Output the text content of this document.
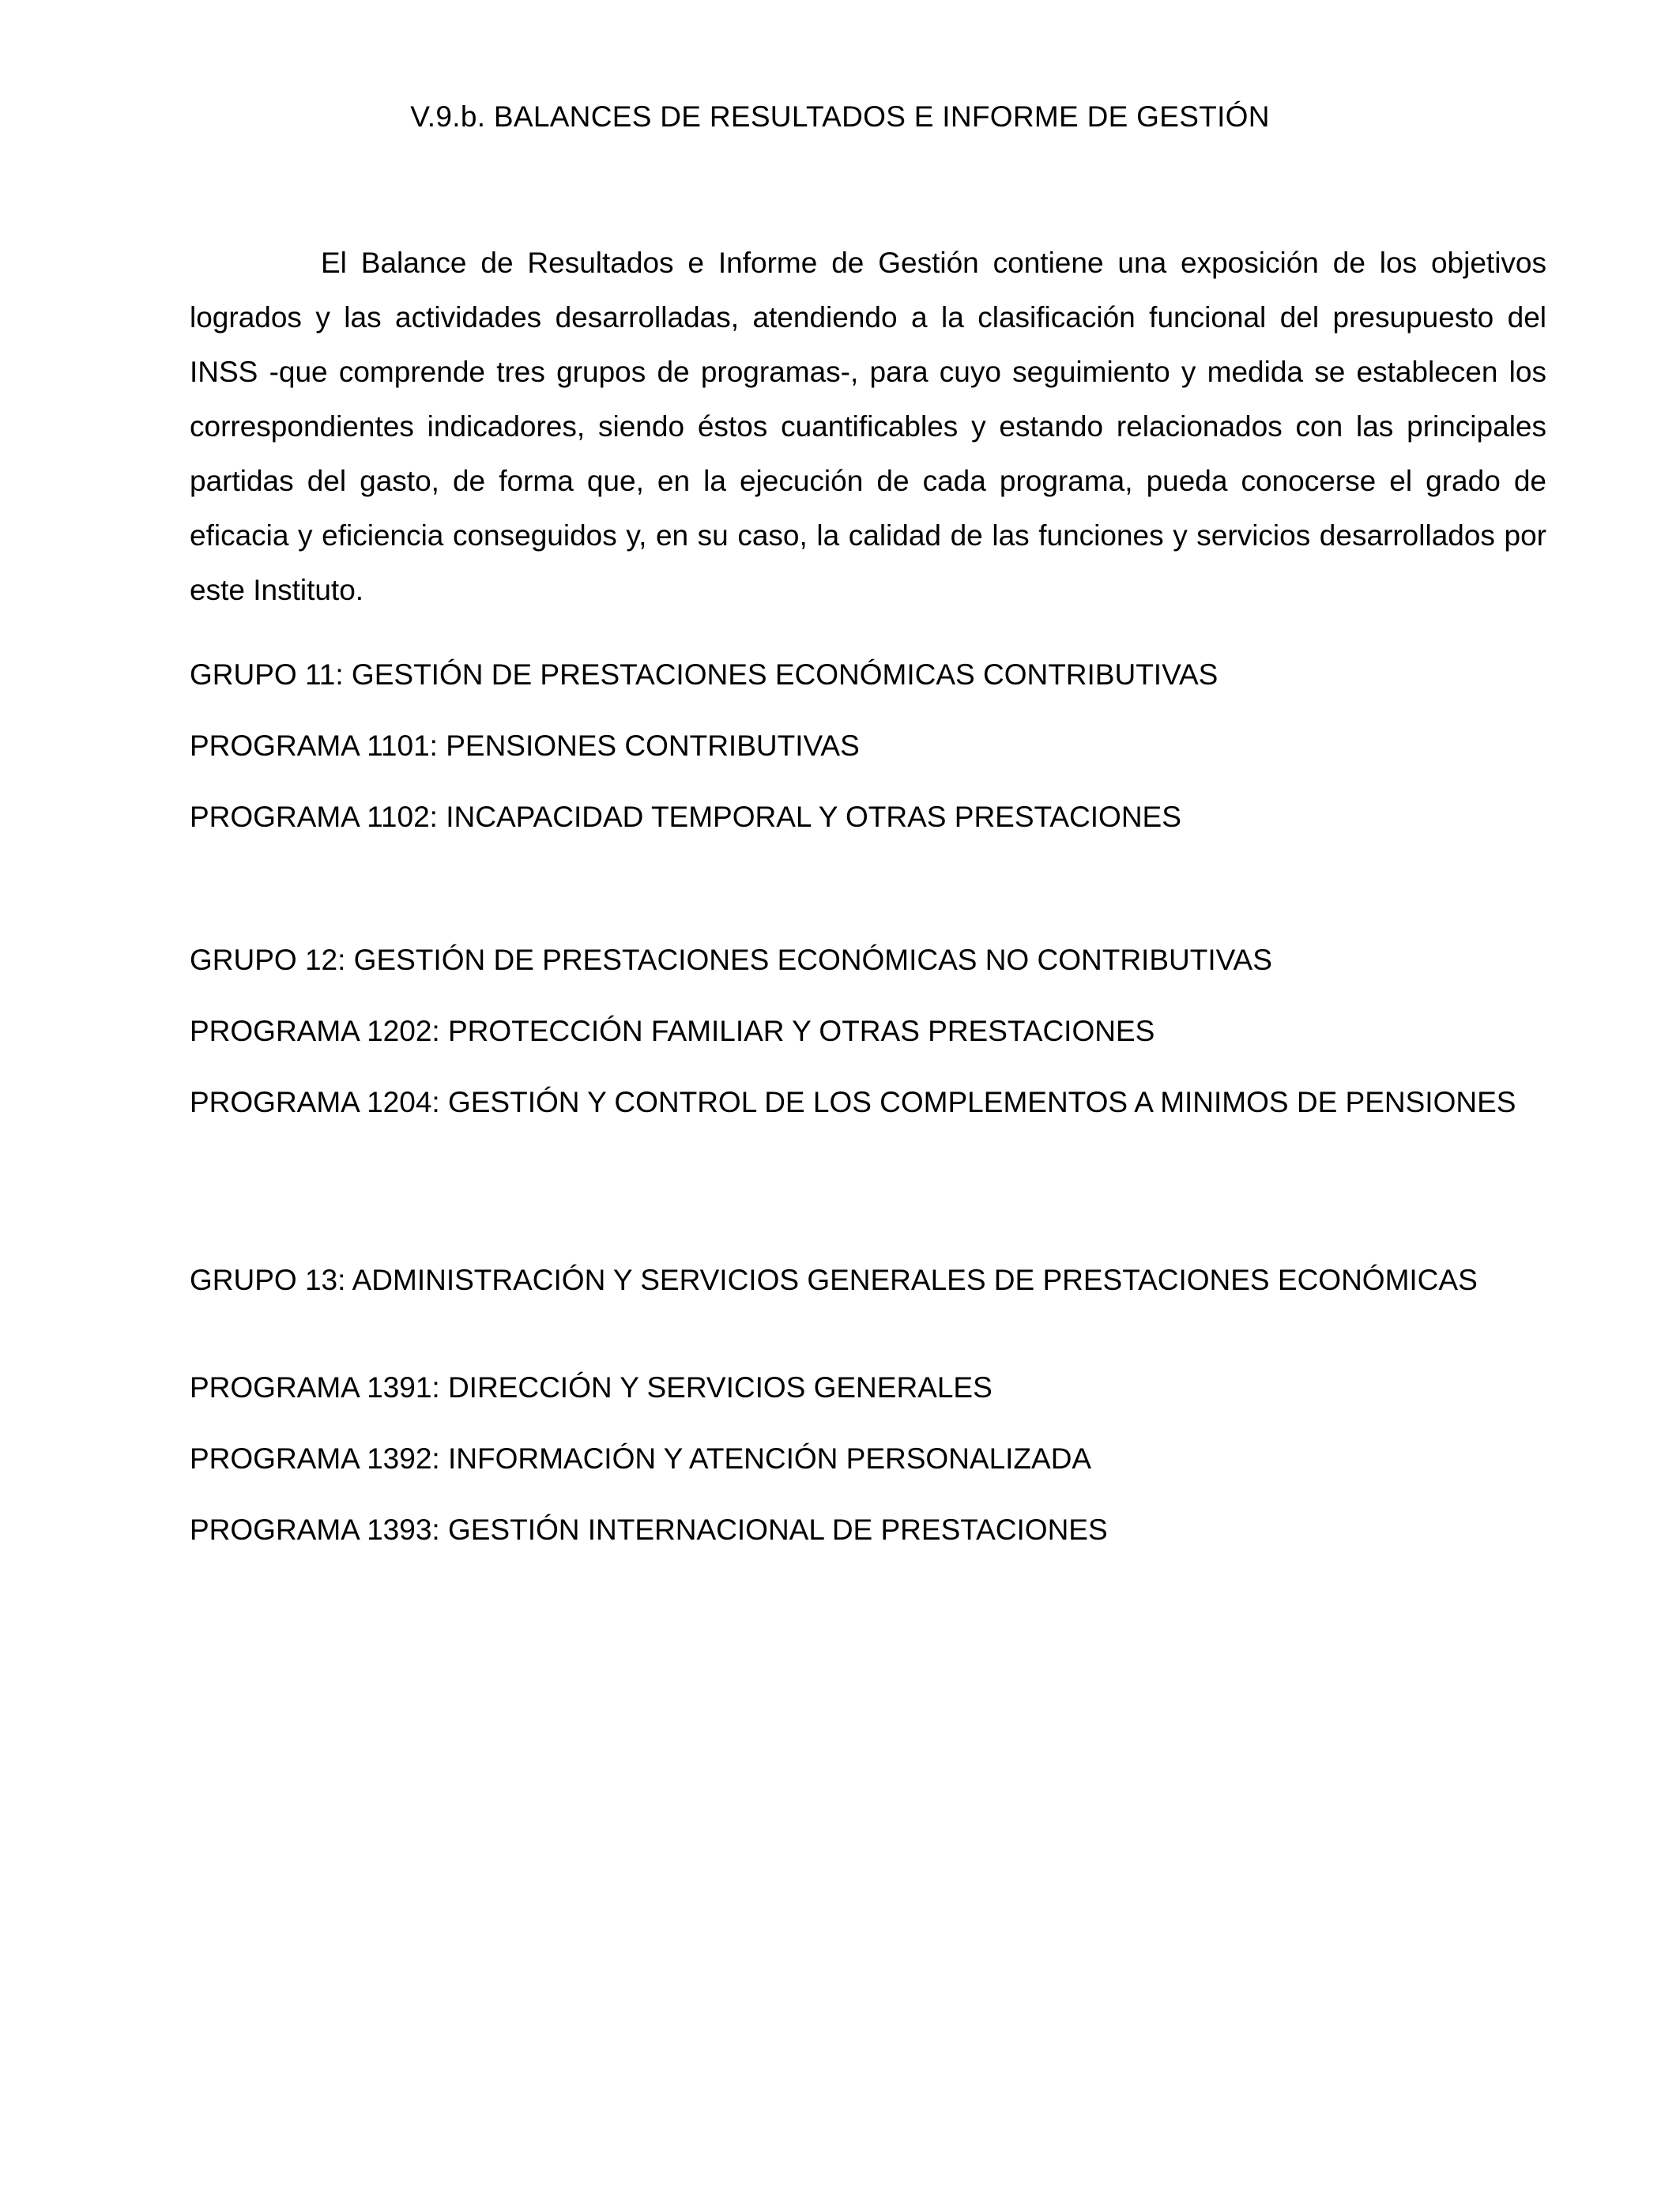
V.9.b. BALANCES DE RESULTADOS E INFORME DE GESTIÓN

El Balance de Resultados e Informe de Gestión contiene una exposición de los objetivos logrados y las actividades desarrolladas, atendiendo a la clasificación funcional del presupuesto del INSS -que comprende tres grupos de programas-, para cuyo seguimiento y medida se establecen los correspondientes indicadores, siendo éstos cuantificables y estando relacionados con las principales partidas del gasto, de forma que, en la ejecución de cada programa, pueda conocerse el grado de eficacia y eficiencia conseguidos y, en su caso, la calidad de las funciones y servicios desarrollados por este Instituto.

GRUPO 11: GESTIÓN DE PRESTACIONES ECONÓMICAS CONTRIBUTIVAS

PROGRAMA 1101: PENSIONES CONTRIBUTIVAS

PROGRAMA 1102: INCAPACIDAD TEMPORAL Y OTRAS PRESTACIONES

GRUPO 12: GESTIÓN DE PRESTACIONES ECONÓMICAS NO CONTRIBUTIVAS

PROGRAMA 1202: PROTECCIÓN FAMILIAR Y OTRAS PRESTACIONES

PROGRAMA 1204: GESTIÓN Y CONTROL DE LOS COMPLEMENTOS A MINIMOS DE PENSIONES

GRUPO 13: ADMINISTRACIÓN Y SERVICIOS GENERALES DE PRESTACIONES ECONÓMICAS

PROGRAMA 1391: DIRECCIÓN Y SERVICIOS GENERALES

PROGRAMA 1392: INFORMACIÓN Y ATENCIÓN PERSONALIZADA

PROGRAMA 1393: GESTIÓN INTERNACIONAL DE PRESTACIONES
